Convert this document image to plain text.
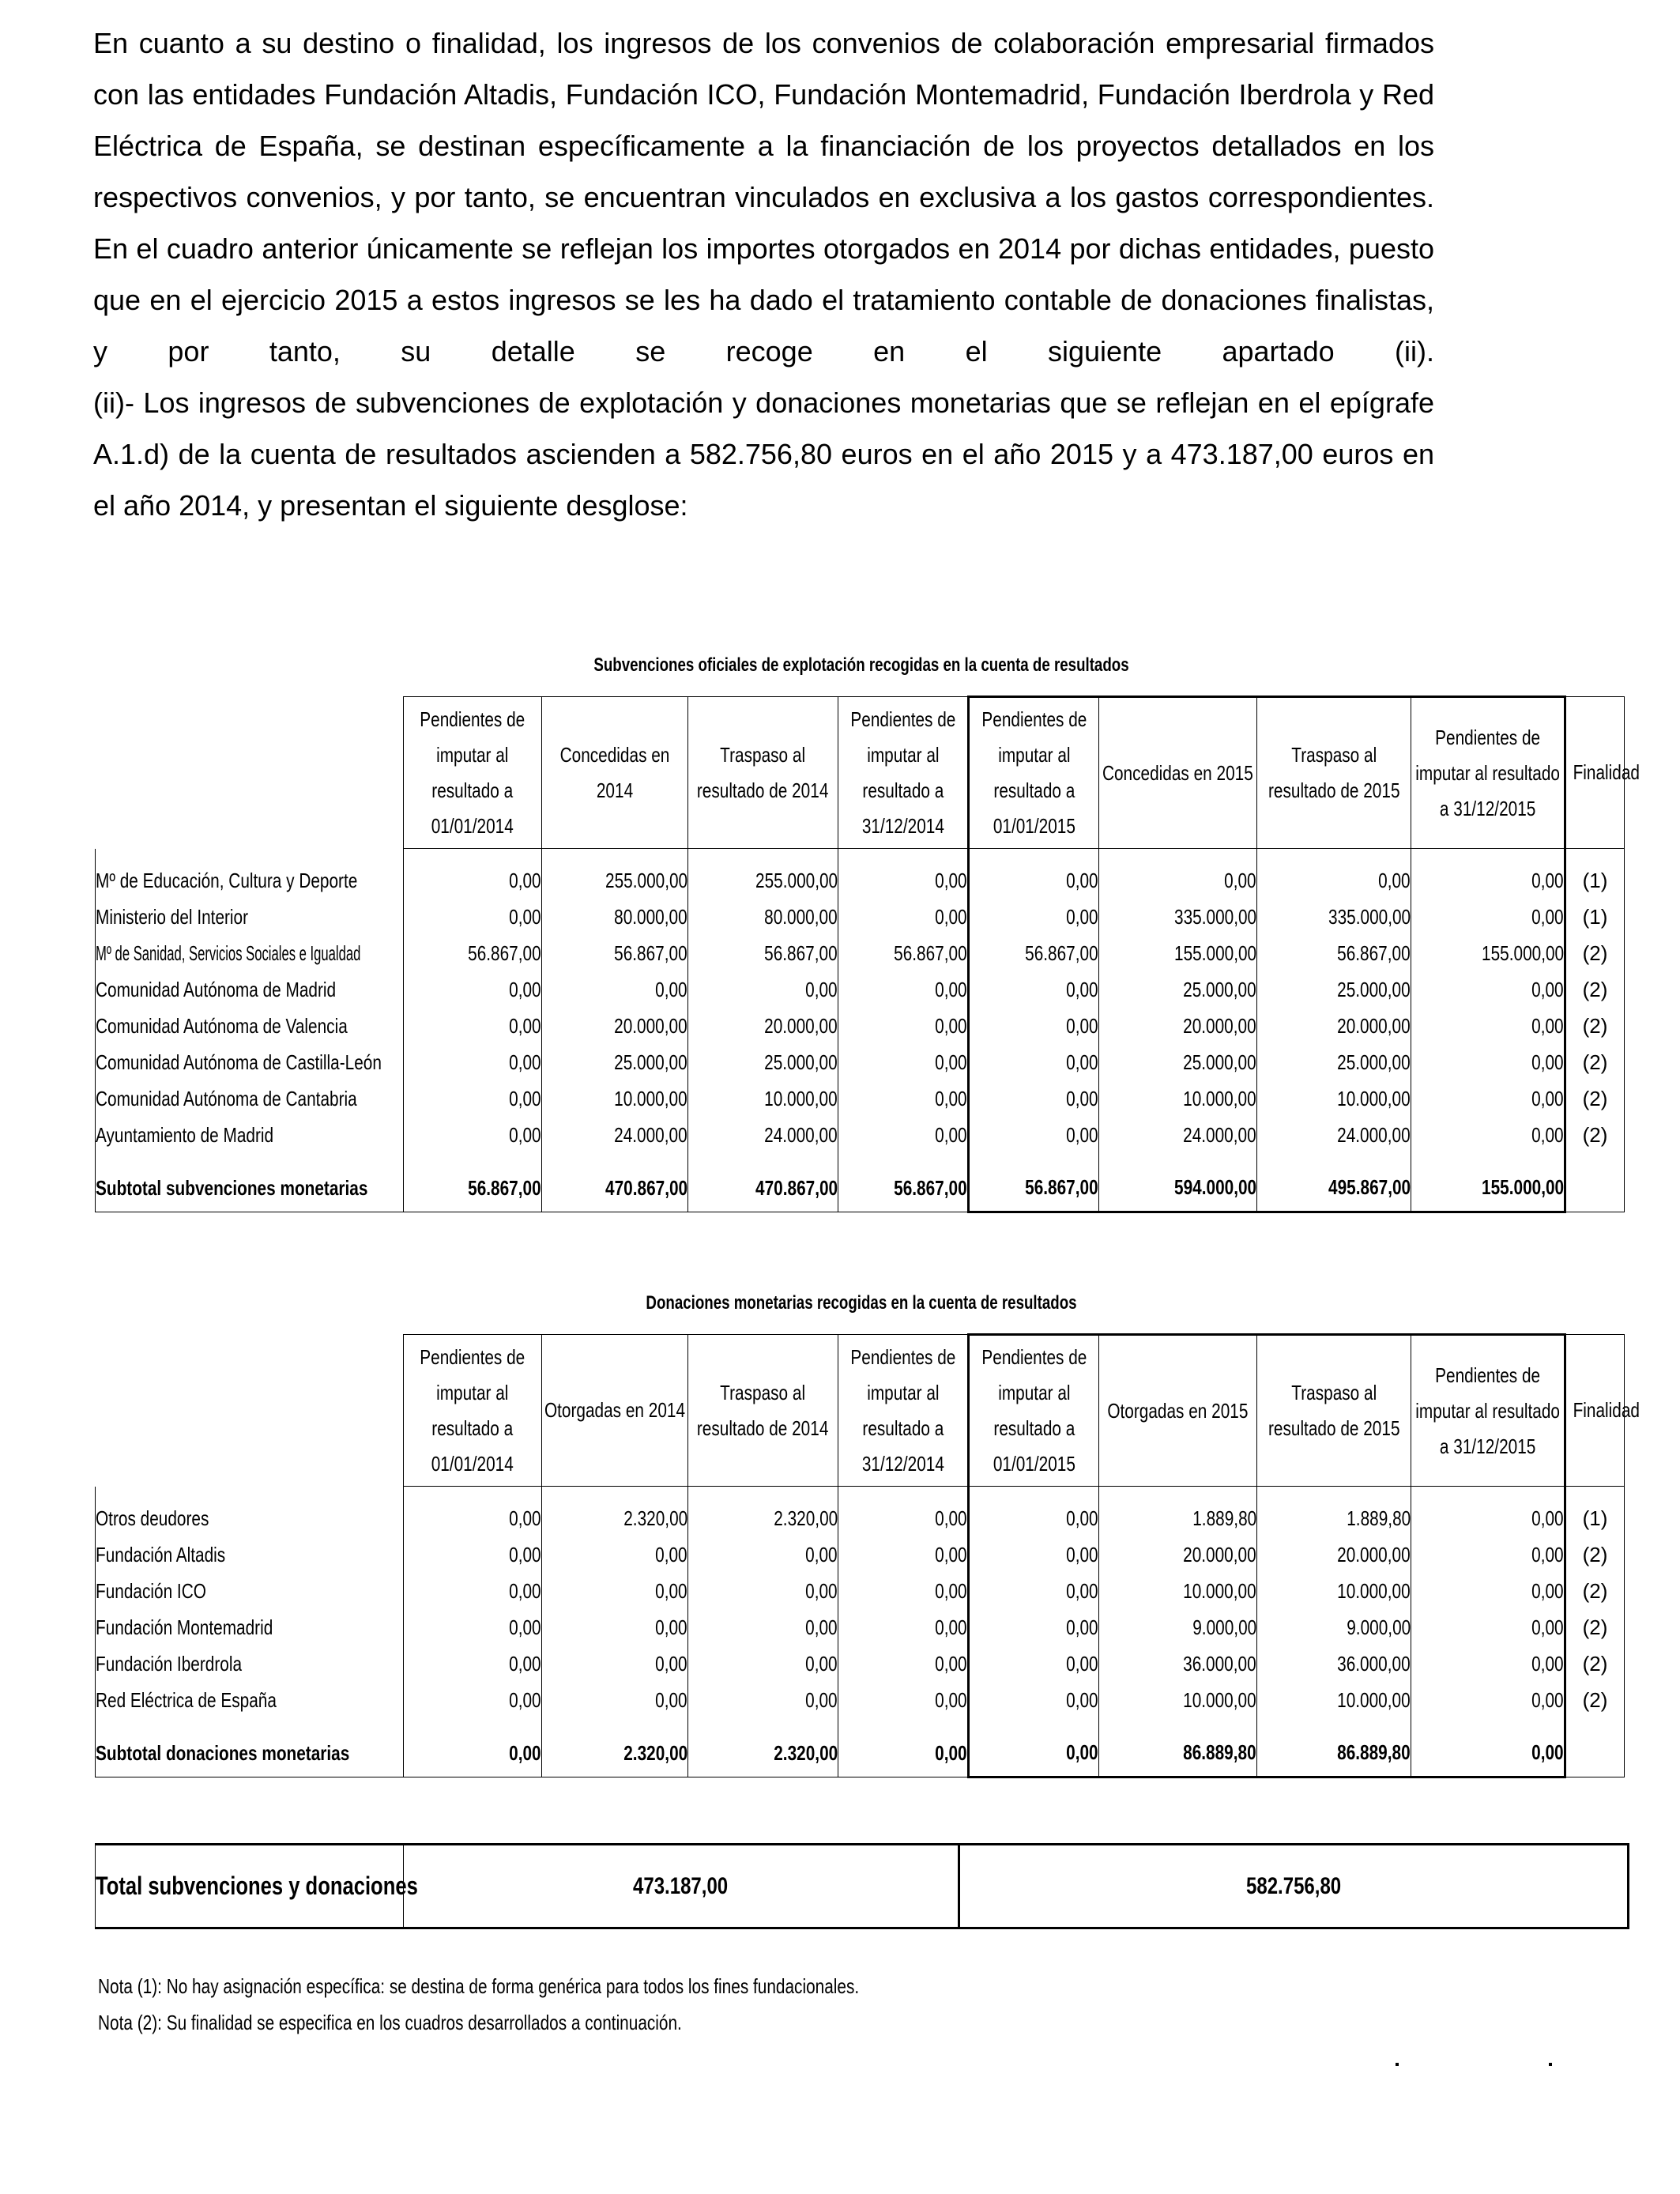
En cuanto a su destino o finalidad, los ingresos de los convenios de colaboración empresarial firmados con las entidades Fundación Altadis, Fundación ICO, Fundación Montemadrid, Fundación Iberdrola y Red Eléctrica de España, se destinan específicamente a la financiación de los proyectos detallados en los respectivos convenios, y por tanto, se encuentran vinculados en exclusiva a los gastos correspondientes. En el cuadro anterior únicamente se reflejan los importes otorgados en 2014 por dichas entidades, puesto que en el ejercicio 2015 a estos ingresos se les ha dado el tratamiento contable de donaciones finalistas, y por tanto, su detalle se recoge en el siguiente apartado (ii).

(ii)- Los ingresos de subvenciones de explotación y donaciones monetarias que se reflejan en el epígrafe A.1.d) de la cuenta de resultados ascienden a 582.756,80 euros en el año 2015 y a 473.187,00 euros en el año 2014, y presentan el siguiente desglose:

Subvenciones oficiales de explotación recogidas en la cuenta de resultados
	Pendientes de imputar al resultado a 01/01/2014	Concedidas en 2014	Traspaso al resultado de 2014	Pendientes de imputar al resultado a 31/12/2014	Pendientes de imputar al resultado a 01/01/2015	Concedidas en 2015	Traspaso al resultado de 2015	Pendientes de imputar al resultado a 31/12/2015	Finalidad

Mº de Educación, Cultura y Deporte	0,00	255.000,00	255.000,00	0,00	0,00	0,00	0,00	0,00	(1)
Ministerio del Interior	0,00	80.000,00	80.000,00	0,00	0,00	335.000,00	335.000,00	0,00	(1)
Mº de Sanidad, Servicios Sociales e Igualdad	56.867,00	56.867,00	56.867,00	56.867,00	56.867,00	155.000,00	56.867,00	155.000,00	(2)
Comunidad Autónoma de Madrid	0,00	0,00	0,00	0,00	0,00	25.000,00	25.000,00	0,00	(2)
Comunidad Autónoma de Valencia	0,00	20.000,00	20.000,00	0,00	0,00	20.000,00	20.000,00	0,00	(2)
Comunidad Autónoma de Castilla-León	0,00	25.000,00	25.000,00	0,00	0,00	25.000,00	25.000,00	0,00	(2)
Comunidad Autónoma de Cantabria	0,00	10.000,00	10.000,00	0,00	0,00	10.000,00	10.000,00	0,00	(2)
Ayuntamiento de Madrid	0,00	24.000,00	24.000,00	0,00	0,00	24.000,00	24.000,00	0,00	(2)
Subtotal subvenciones monetarias	56.867,00	470.867,00	470.867,00	56.867,00	56.867,00	594.000,00	495.867,00	155.000,00	
Donaciones monetarias recogidas en la cuenta de resultados
	Pendientes de imputar al resultado a 01/01/2014	Otorgadas en 2014	Traspaso al resultado de 2014	Pendientes de imputar al resultado a 31/12/2014	Pendientes de imputar al resultado a 01/01/2015	Otorgadas en 2015	Traspaso al resultado de 2015	Pendientes de imputar al resultado a 31/12/2015	Finalidad

Otros deudores	0,00	2.320,00	2.320,00	0,00	0,00	1.889,80	1.889,80	0,00	(1)
Fundación Altadis	0,00	0,00	0,00	0,00	0,00	20.000,00	20.000,00	0,00	(2)
Fundación ICO	0,00	0,00	0,00	0,00	0,00	10.000,00	10.000,00	0,00	(2)
Fundación Montemadrid	0,00	0,00	0,00	0,00	0,00	9.000,00	9.000,00	0,00	(2)
Fundación Iberdrola	0,00	0,00	0,00	0,00	0,00	36.000,00	36.000,00	0,00	(2)
Red Eléctrica de España	0,00	0,00	0,00	0,00	0,00	10.000,00	10.000,00	0,00	(2)
Subtotal donaciones monetarias	0,00	2.320,00	2.320,00	0,00	0,00	86.889,80	86.889,80	0,00	
Total subvenciones y donaciones	473.187,00	582.756,80
Nota (1): No hay asignación específica: se destina de forma genérica para todos los fines fundacionales.
Nota (2): Su finalidad se especifica en los cuadros desarrollados a continuación.
